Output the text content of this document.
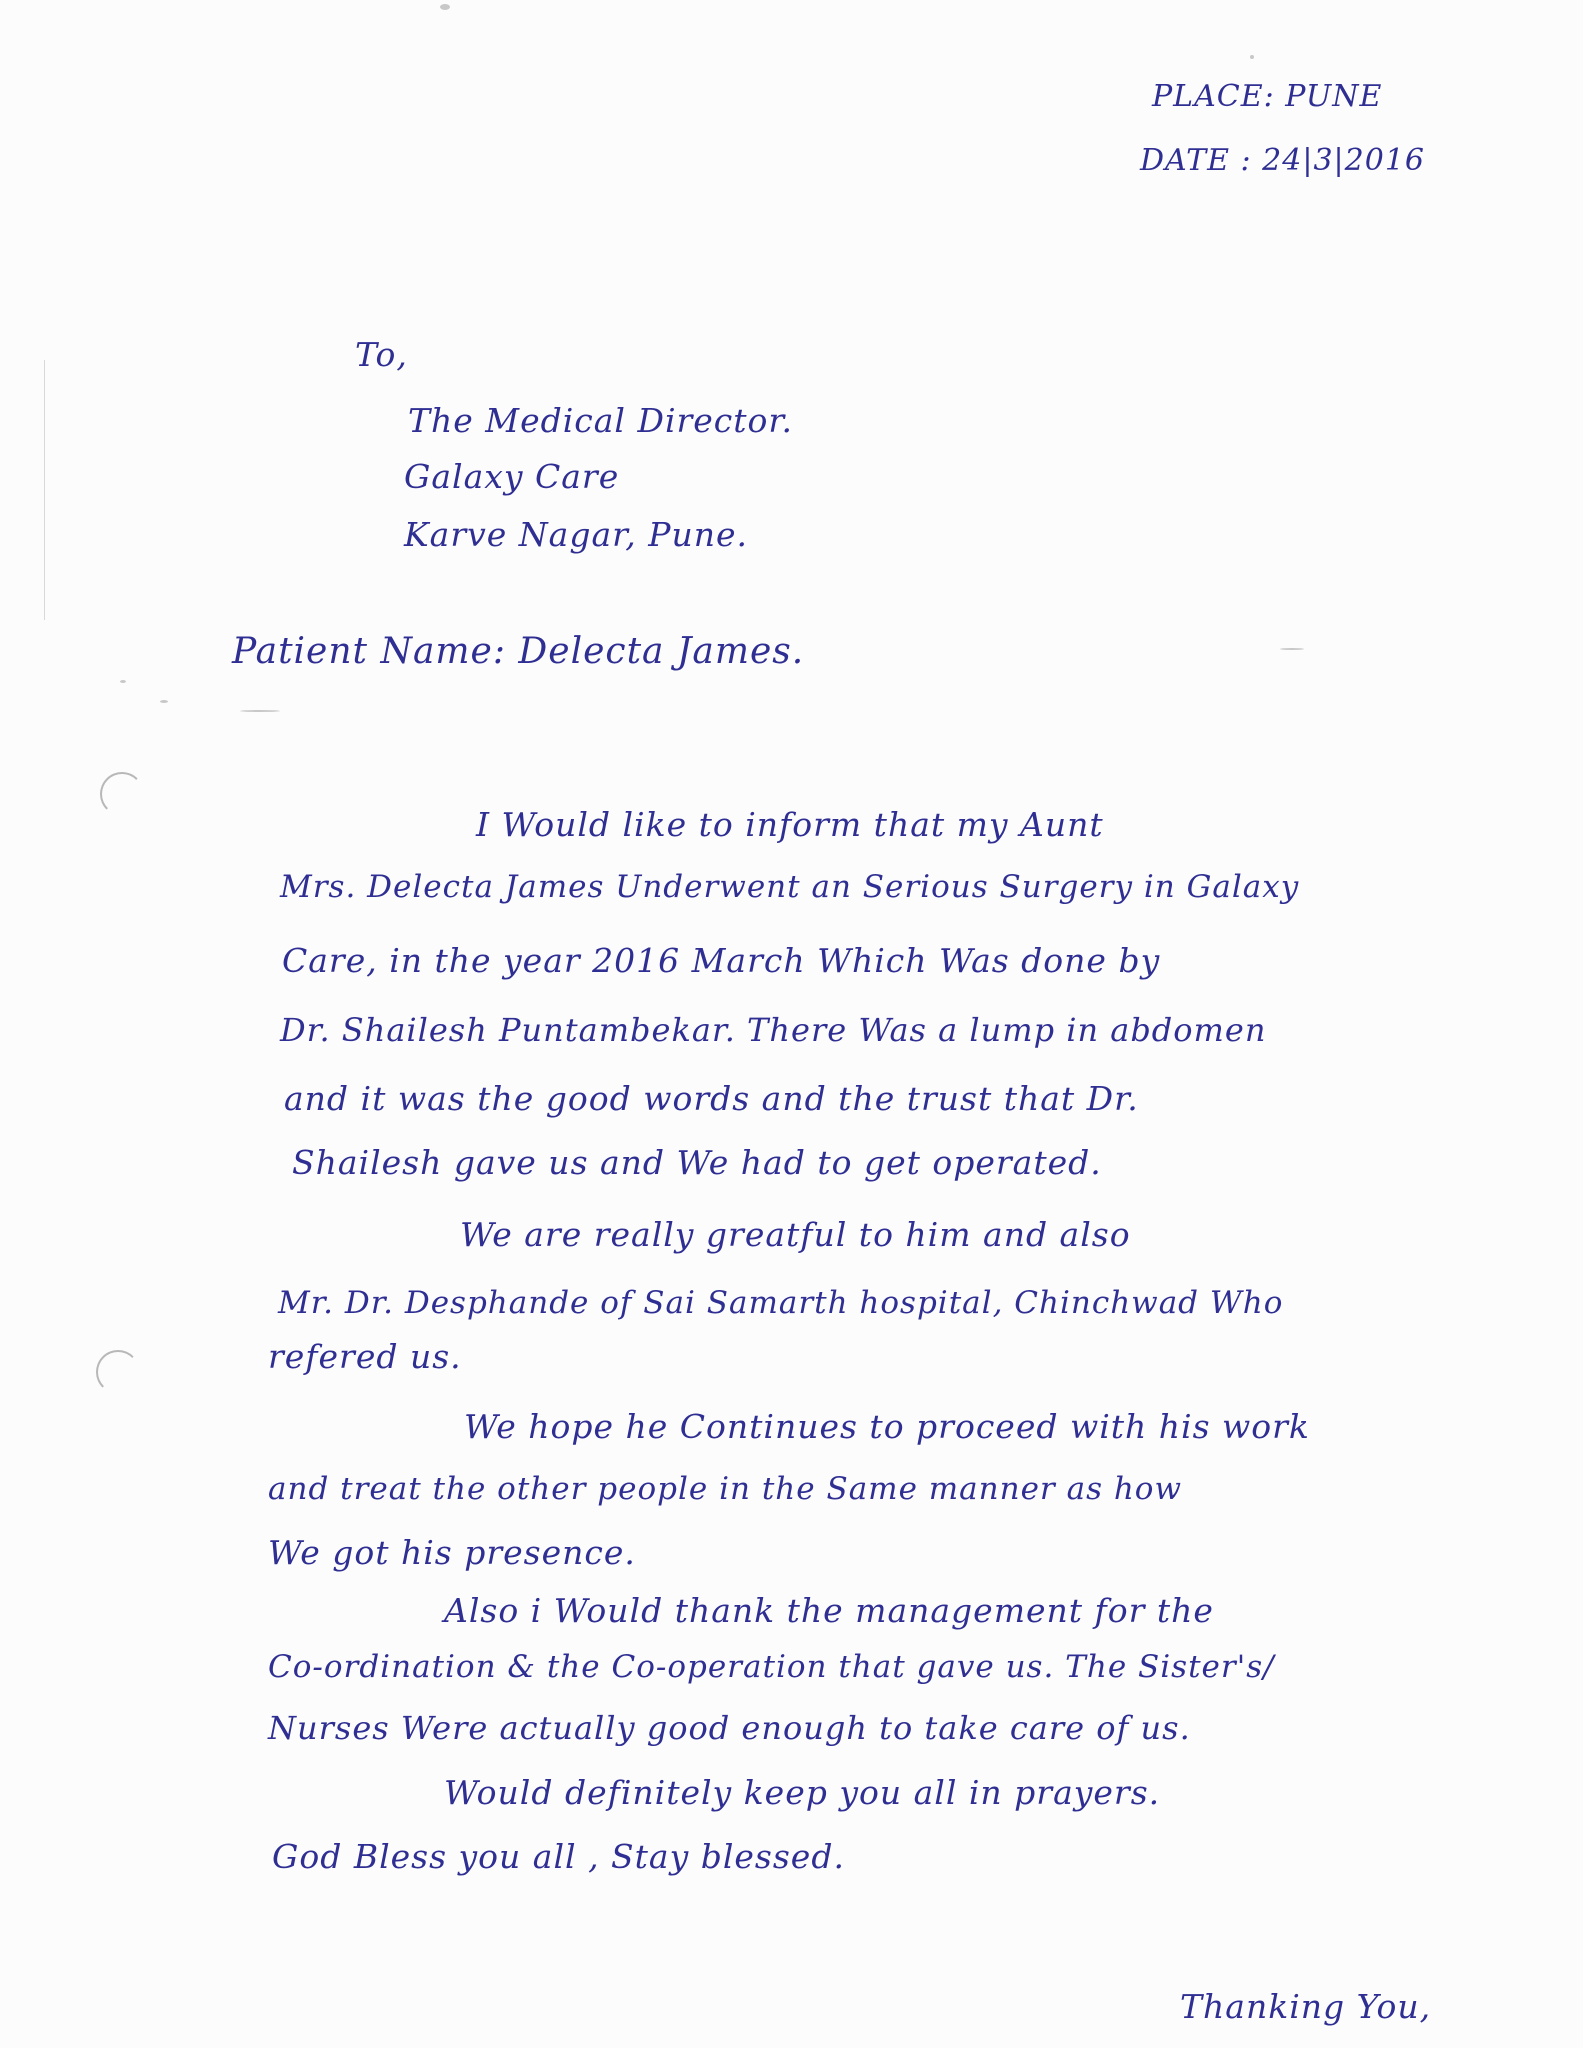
PLACE: PUNE
DATE : 24|3|2016
To,
The Medical Director.
Galaxy Care
Karve Nagar, Pune.
Patient Name: Delecta James.
I Would like to inform that my Aunt
Mrs. Delecta James Underwent an Serious Surgery in Galaxy
Care, in the year 2016 March Which Was done by
Dr. Shailesh Puntambekar. There Was a lump in abdomen
and it was the good words and the trust that Dr.
Shailesh gave us and We had to get operated.
We are really greatful to him and also
Mr. Dr. Desphande of Sai Samarth hospital, Chinchwad Who
refered us.
We hope he Continues to proceed with his work
and treat the other people in the Same manner as how
We got his presence.
Also i Would thank the management for the
Co-ordination & the Co-operation that gave us. The Sister's/
Nurses Were actually good enough to take care of us.
Would definitely keep you all in prayers.
God Bless you all , Stay blessed.
Thanking You,
